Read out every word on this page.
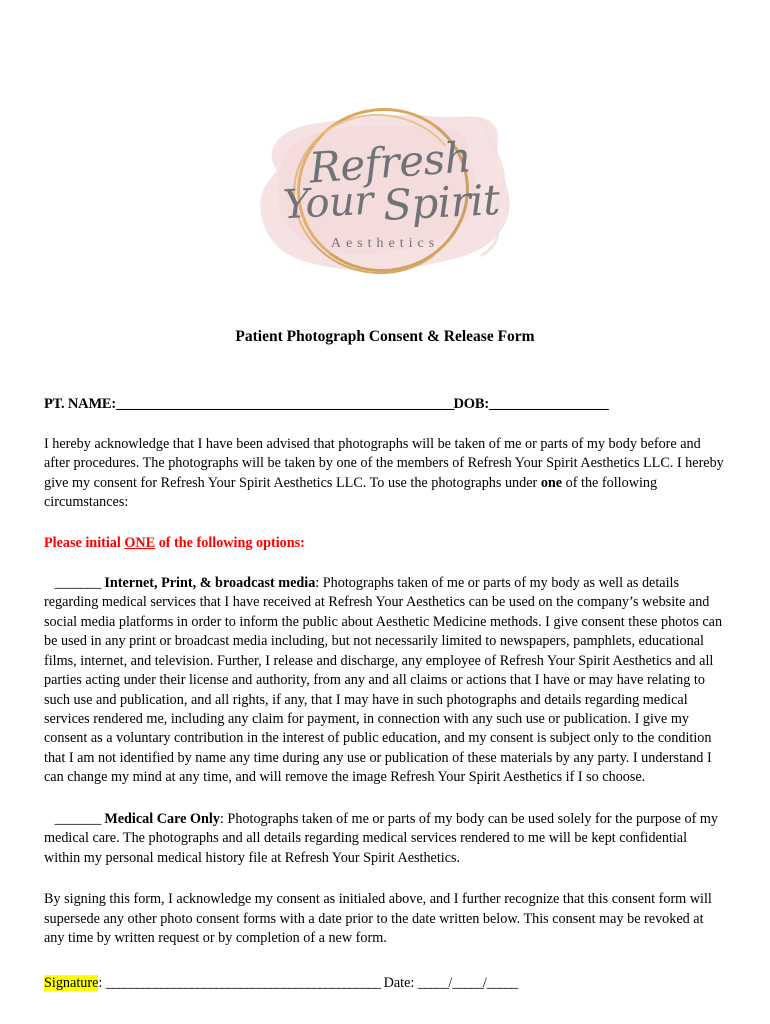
Refresh
Your Spirit
Aesthetics
Patient Photograph Consent & Release Form
PT. NAME:______________________________________________________DOB:___________________

I hereby acknowledge that I have been advised that photographs will be taken of me or parts of my body before and after procedures. The photographs will be taken by one of the members of Refresh Your Spirit Aesthetics LLC. I hereby give my consent for Refresh Your Spirit Aesthetics LLC. To use the photographs under one of the following circumstances:

Please initial ONE of the following options:

_______ Internet, Print, & broadcast media: Photographs taken of me or parts of my body as well as details regarding medical services that I have received at Refresh Your Aesthetics can be used on the company’s website and social media platforms in order to inform the public about Aesthetic Medicine methods. I give consent these photos can be used in any print or broadcast media including, but not necessarily limited to newspapers, pamphlets, educational films, internet, and television. Further, I release and discharge, any employee of Refresh Your Spirit Aesthetics and all parties acting under their license and authority, from any and all claims or actions that I have or may have relating to such use and publication, and all rights, if any, that I may have in such photographs and details regarding medical services rendered me, including any claim for payment, in connection with any such use or publication. I give my consent as a voluntary contribution in the interest of public education, and my consent is subject only to the condition that I am not identified by name any time during any use or publication of these materials by any party. I understand I can change my mind at any time, and will remove the image Refresh Your Spirit Aesthetics if I so choose.

_______ Medical Care Only: Photographs taken of me or parts of my body can be used solely for the purpose of my medical care. The photographs and all details regarding medical services rendered to me will be kept confidential within my personal medical history file at Refresh Your Spirit Aesthetics.

By signing this form, I acknowledge my consent as initialed above, and I further recognize that this consent form will supersede any other photo consent forms with a date prior to the date written below. This consent may be revoked at any time by written request or by completion of a new form.

Signature: _____________________________________________ Date: _____/_____/_____
